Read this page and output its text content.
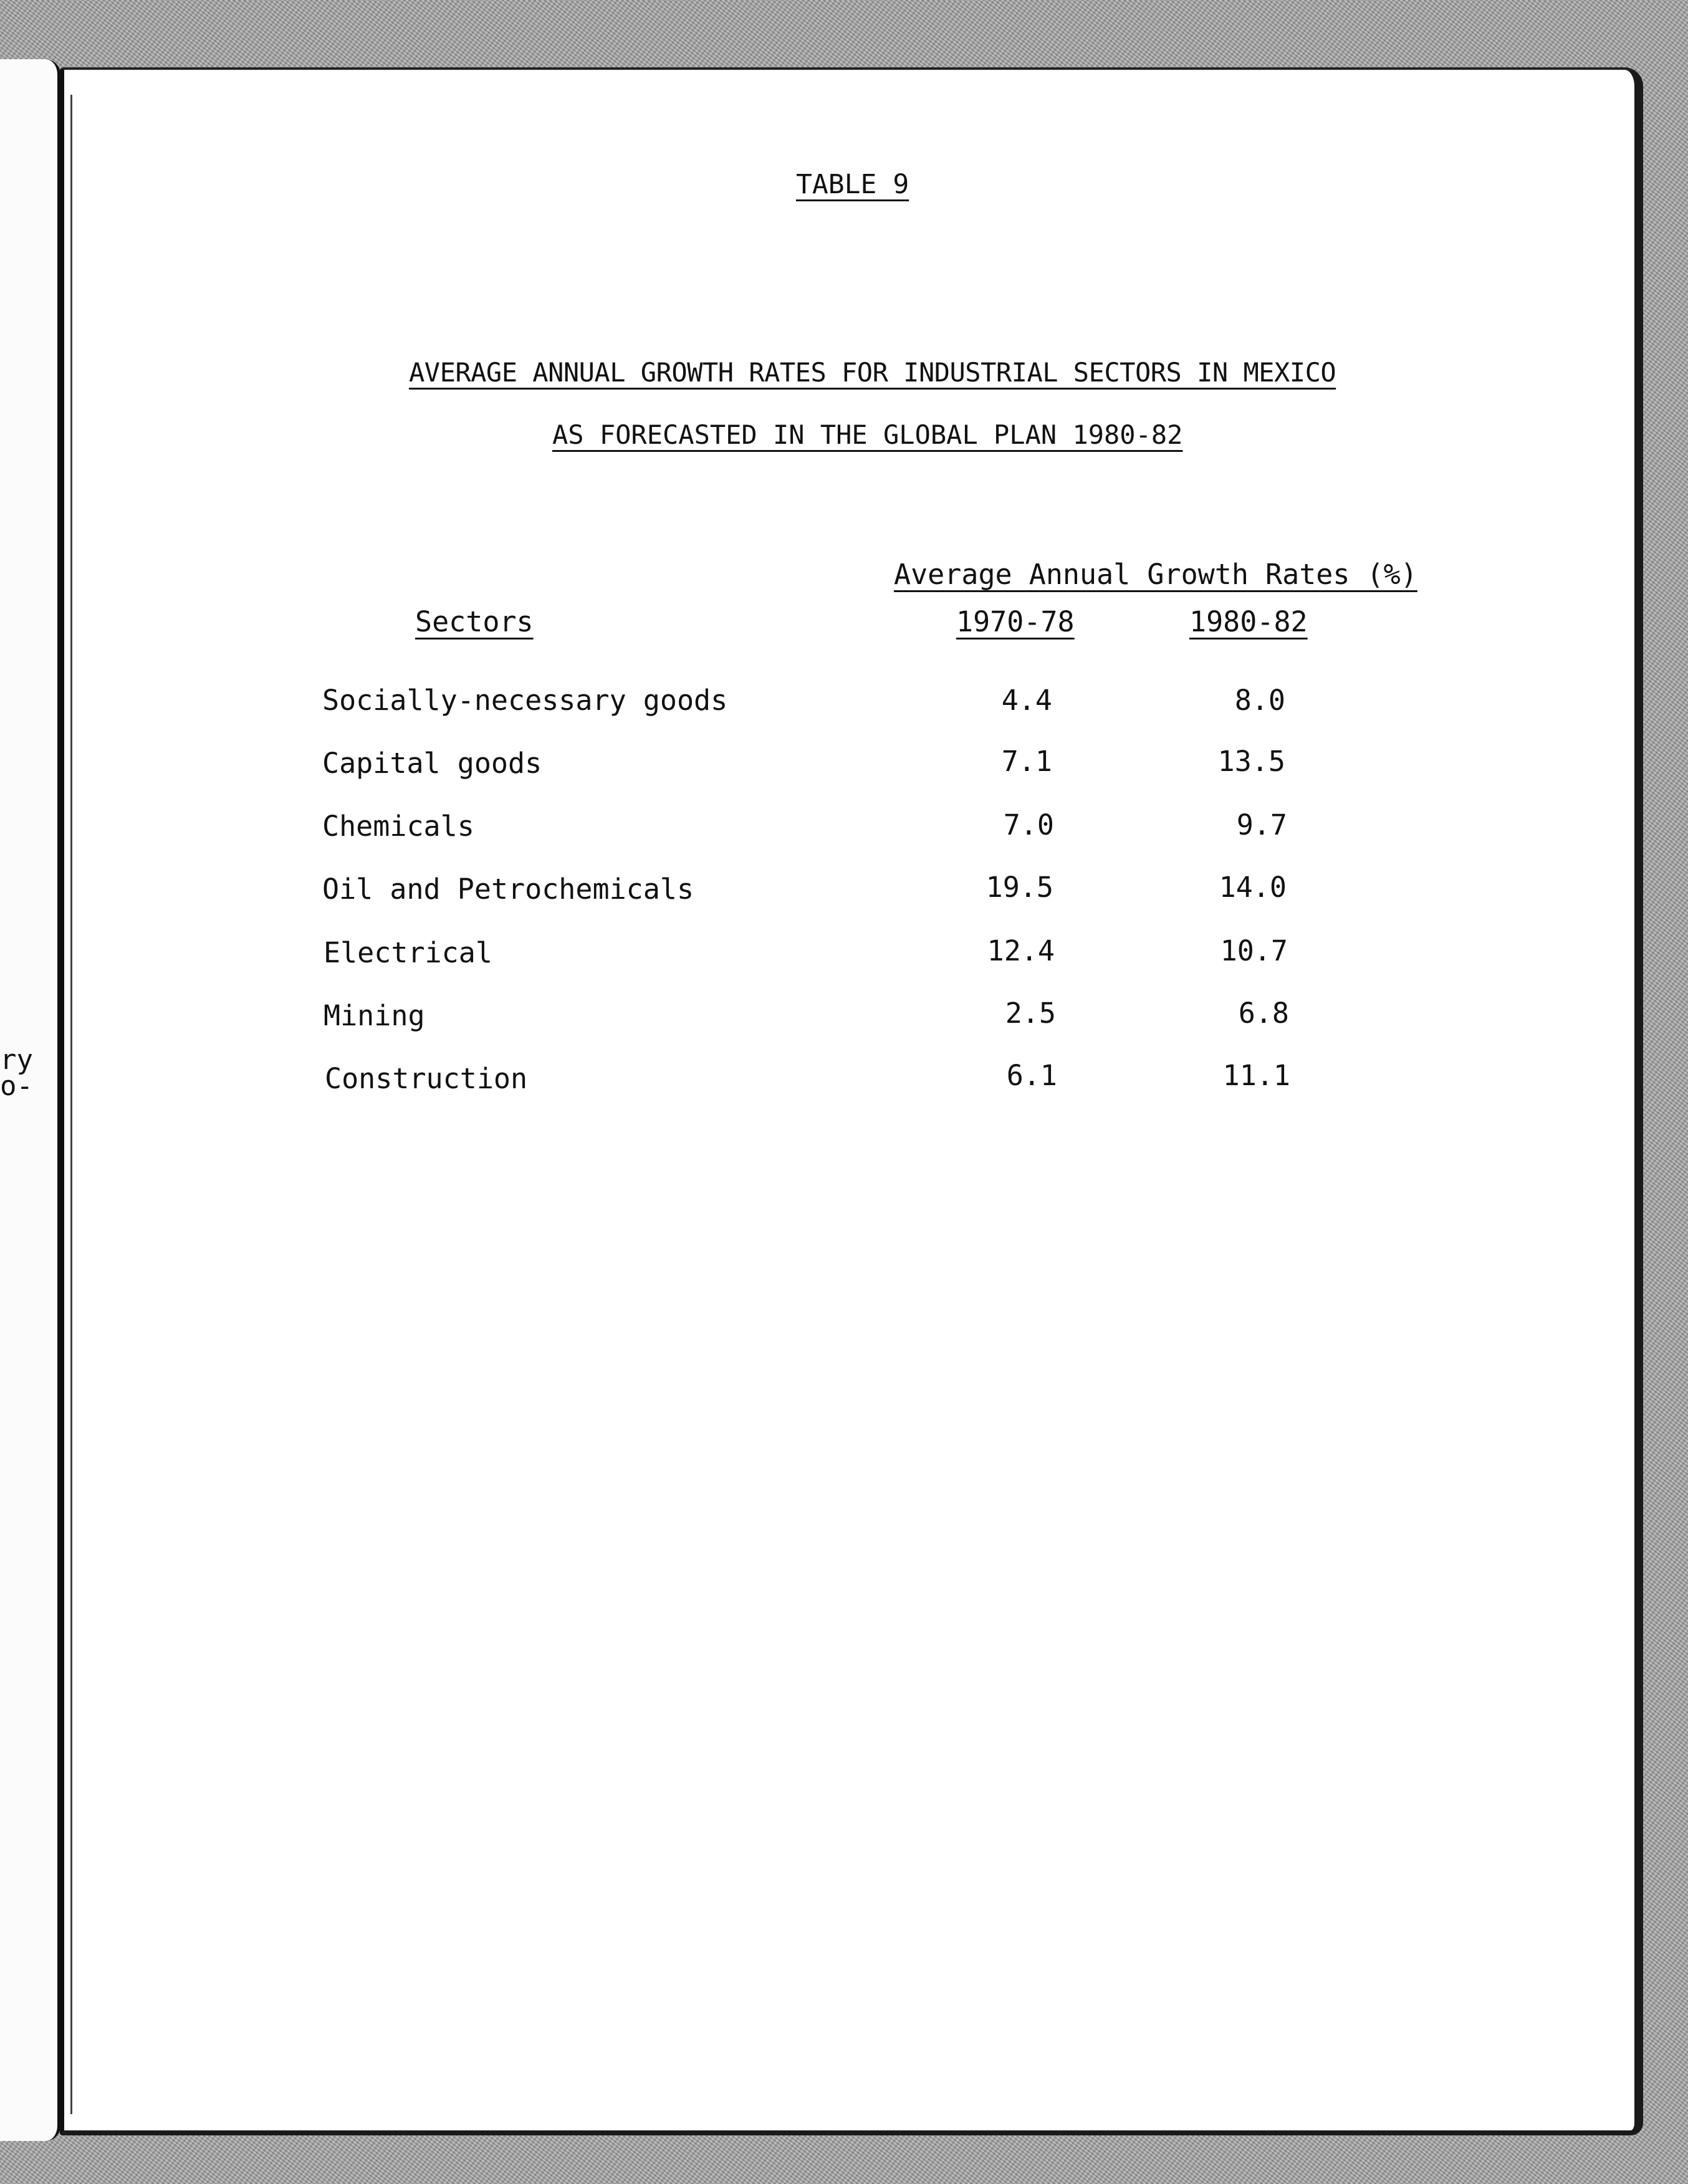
ry
o-
TABLE 9
AVERAGE ANNUAL GROWTH RATES FOR INDUSTRIAL SECTORS IN MEXICO
AS FORECASTED IN THE GLOBAL PLAN 1980-82
Average Annual Growth Rates (%)
Sectors	1970-78	1980-82
Socially-necessary goods	4.4	8.0
Capital goods	7.1	13.5
Chemicals	7.0	9.7
Oil and Petrochemicals	19.5	14.0
Electrical	12.4	10.7
Mining	2.5	6.8
Construction	6.1	11.1
